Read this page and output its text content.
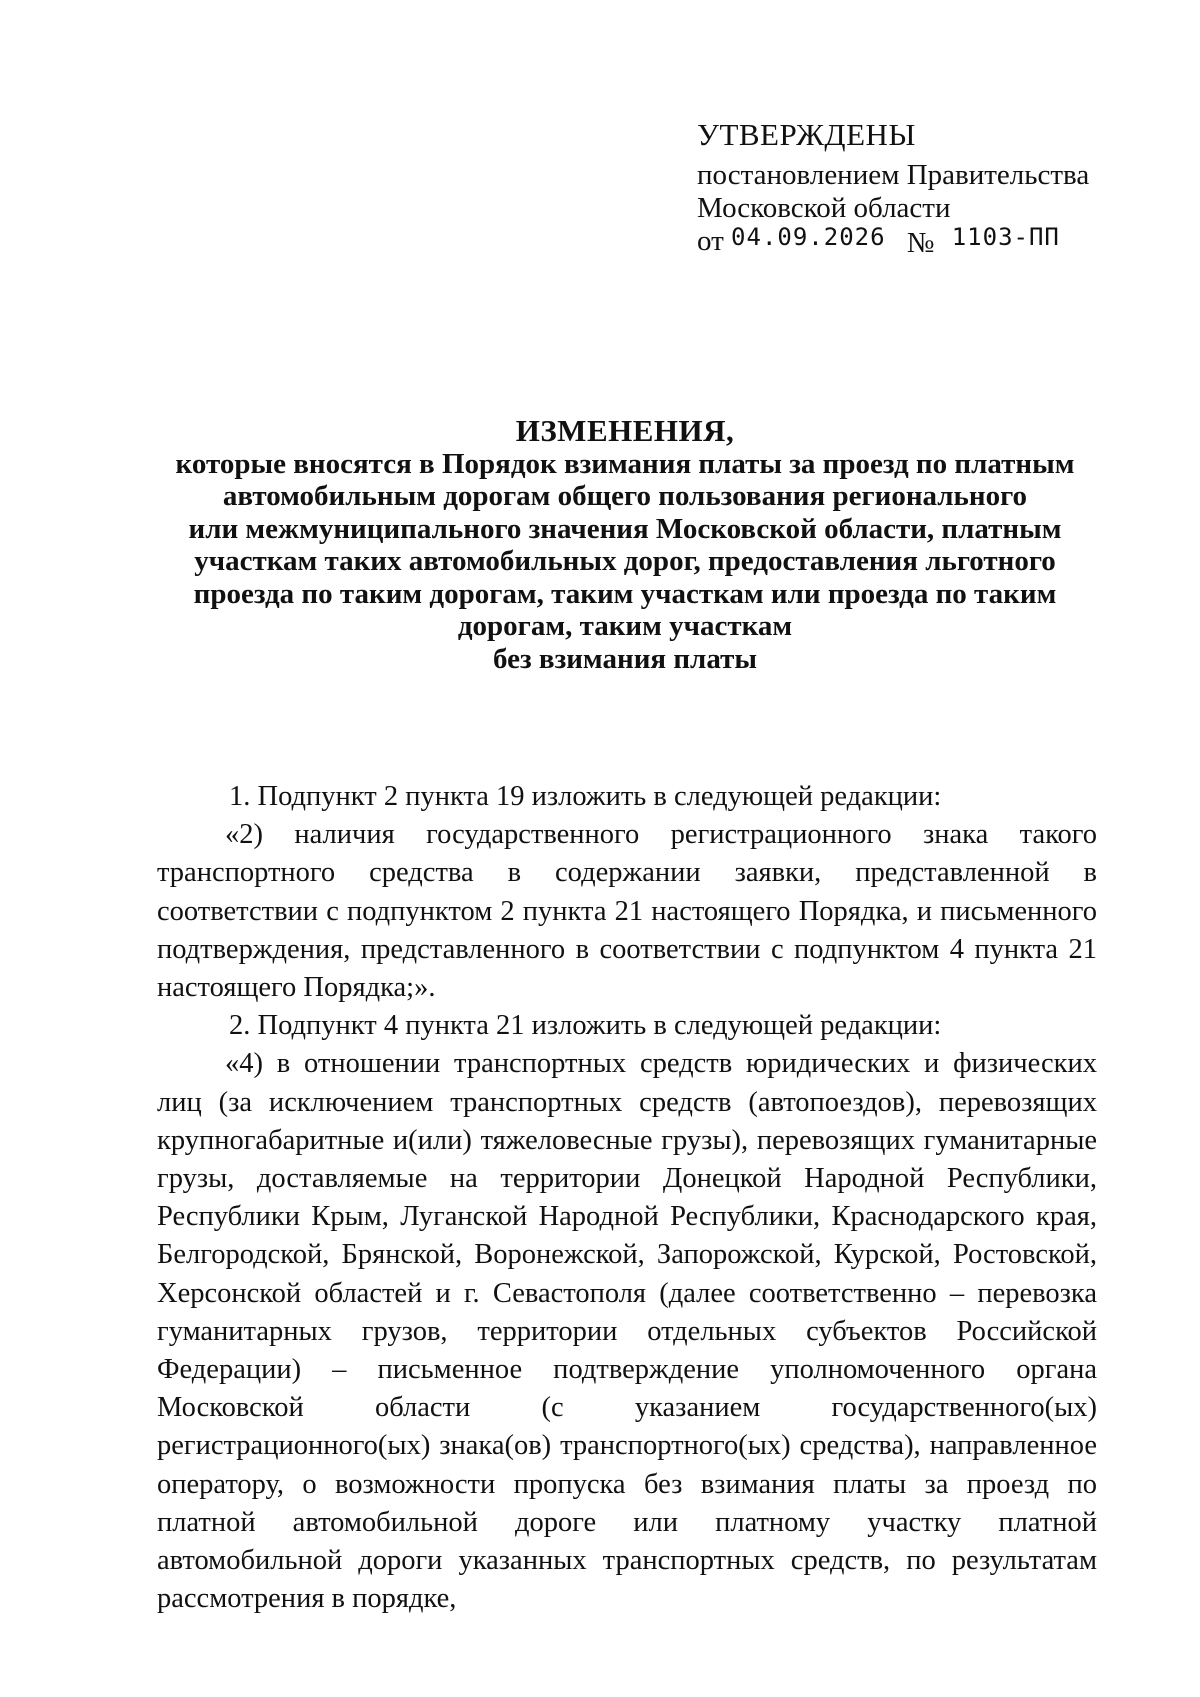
УТВЕРЖДЕНЫ
постановлением Правительства
Московской области
от 04.09.2026 № 1103-ПП
ИЗМЕНЕНИЯ,
которые вносятся в Порядок взимания платы за проезд по платным
автомобильным дорогам общего пользования регионального
или межмуниципального значения Московской области, платным
участкам таких автомобильных дорог, предоставления льготного
проезда по таким дорогам, таким участкам или проезда по таким
дорогам, таким участкам
без взимания платы

1. Подпункт 2 пункта 19 изложить в следующей редакции:

«2) наличия государственного регистрационного знака такого транспортного средства в содержании заявки, представленной в соответствии с подпунктом 2 пункта 21 настоящего Порядка, и письменного подтверждения, представленного в соответствии с подпунктом 4 пункта 21 настоящего Порядка;».

2. Подпункт 4 пункта 21 изложить в следующей редакции:

«4) в отношении транспортных средств юридических и физических лиц (за исключением транспортных средств (автопоездов), перевозящих крупногабаритные и(или) тяжеловесные грузы), перевозящих гуманитарные грузы, доставляемые на территории Донецкой Народной Республики, Республики Крым, Луганской Народной Республики, Краснодарского края, Белгородской, Брянской, Воронежской, Запорожской, Курской, Ростовской, Херсонской областей и г. Севастополя (далее соответственно – перевозка гуманитарных грузов, территории отдельных субъектов Российской Федерации) – письменное подтверждение уполномоченного органа Московской области (с указанием государственного(ых) регистрационного(ых) знака(ов) транспортного(ых) средства), направленное оператору, о возможности пропуска без взимания платы за проезд по платной автомобильной дороге или платному участку платной автомобильной дороги указанных транспортных средств, по результатам рассмотрения в порядке,
